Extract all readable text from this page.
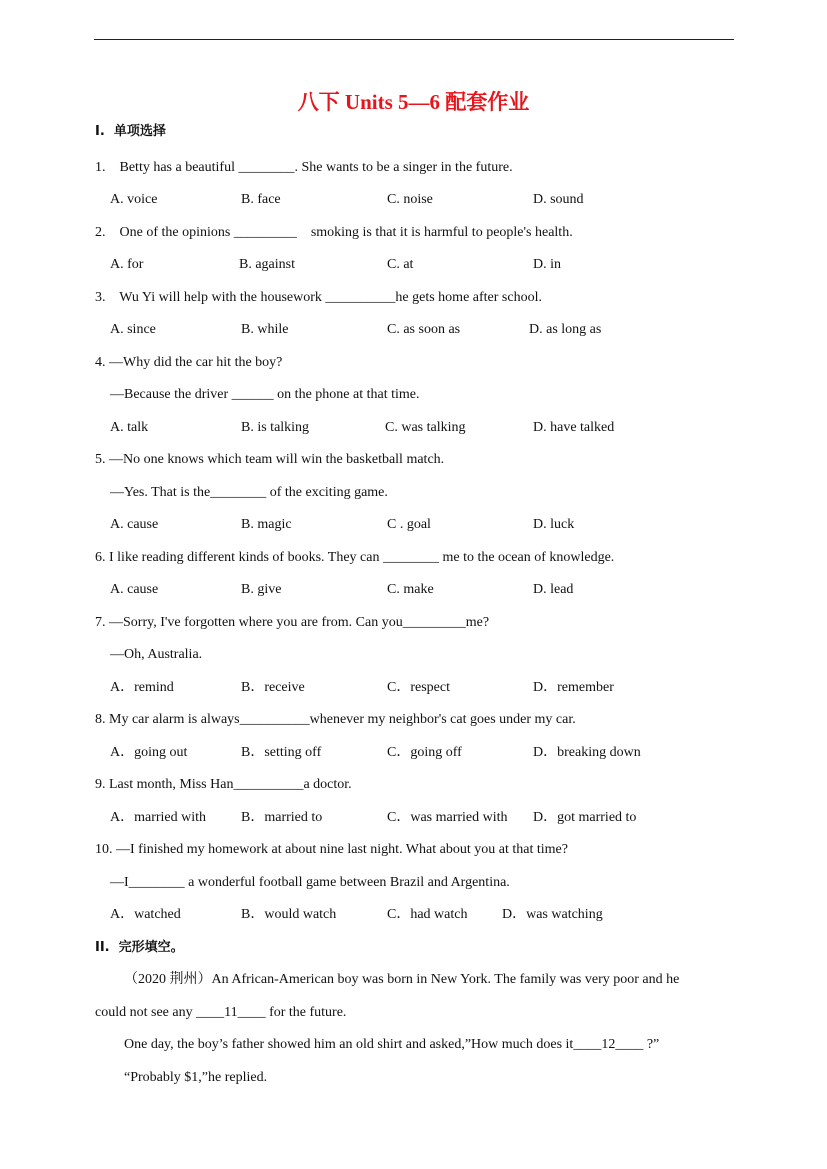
八下 Units 5—6 配套作业
I.  单项选择
1.    Betty has a beautiful ________. She wants to be a singer in the future.
A. voice	B. face	C. noise	D. sound
2.    One of the opinions _________    smoking is that it is harmful to people's health.
A. for	B. against	C. at	D. in
3.    Wu Yi will help with the housework __________he gets home after school.
A. since	B. while	C. as soon as	D. as long as
4. —Why did the car hit the boy?
—Because the driver ______ on the phone at that time.
A. talk	B. is talking	C. was talking	D. have talked
5. —No one knows which team will win the basketball match.
—Yes. That is the________ of the exciting game.
A. cause	B. magic	C . goal	D. luck
6. I like reading different kinds of books. They can ________ me to the ocean of knowledge.
A. cause	B. give	C. make	D. lead
7. —Sorry, I've forgotten where you are from. Can you_________me?
—Oh, Australia.
A．remind	B．receive	C．respect	D．remember
8. My car alarm is always__________whenever my neighbor's cat goes under my car.
A．going out	B．setting off	C．going off	D．breaking down
9. Last month, Miss Han__________a doctor.
A．married with B．married to	C．was married with D．got married to
10. —I finished my homework at about nine last night. What about you at that time?
—I________ a wonderful football game between Brazil and Argentina.
A．watched	B．would watch	C．had watch D．was watching
II.  完形填空。
（2020 荆州）An African-American boy was born in New York. The family was very poor and he
could not see any ____11____ for the future.
One day, the boy’s father showed him an old shirt and asked,”How much does it____12____ ?”
“Probably $1,”he replied.
